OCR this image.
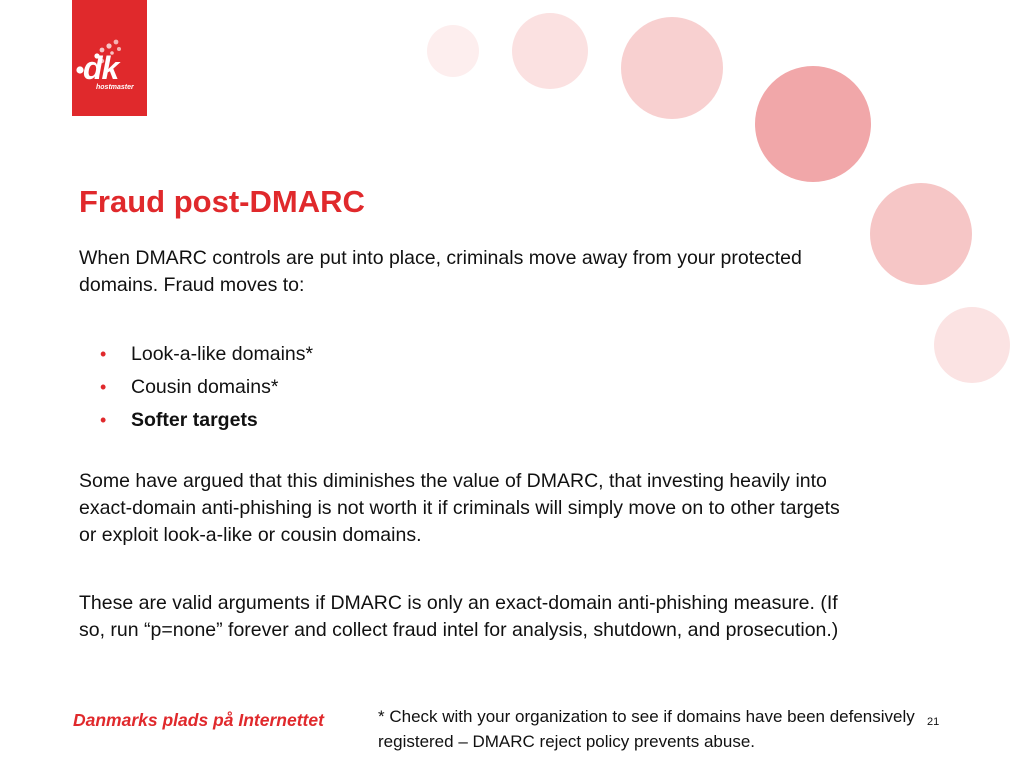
dk
hostmaster
Fraud post-DMARC

When DMARC controls are put into place, criminals move away from your protected domains. Fraud moves to:

• Look-a-like domains*
• Cousin domains*
• Softer targets

Some have argued that this diminishes the value of DMARC, that investing heavily into exact-domain anti-phishing is not worth it if criminals will simply move on to other targets or exploit look-a-like or cousin domains.

These are valid arguments if DMARC is only an exact-domain anti-phishing measure. (If so, run “p=none” forever and collect fraud intel for analysis, shutdown, and prosecution.)

Danmarks plads på Internettet	* Check with your organization to see if domains have been defensively registered – DMARC reject policy prevents abuse.

21
